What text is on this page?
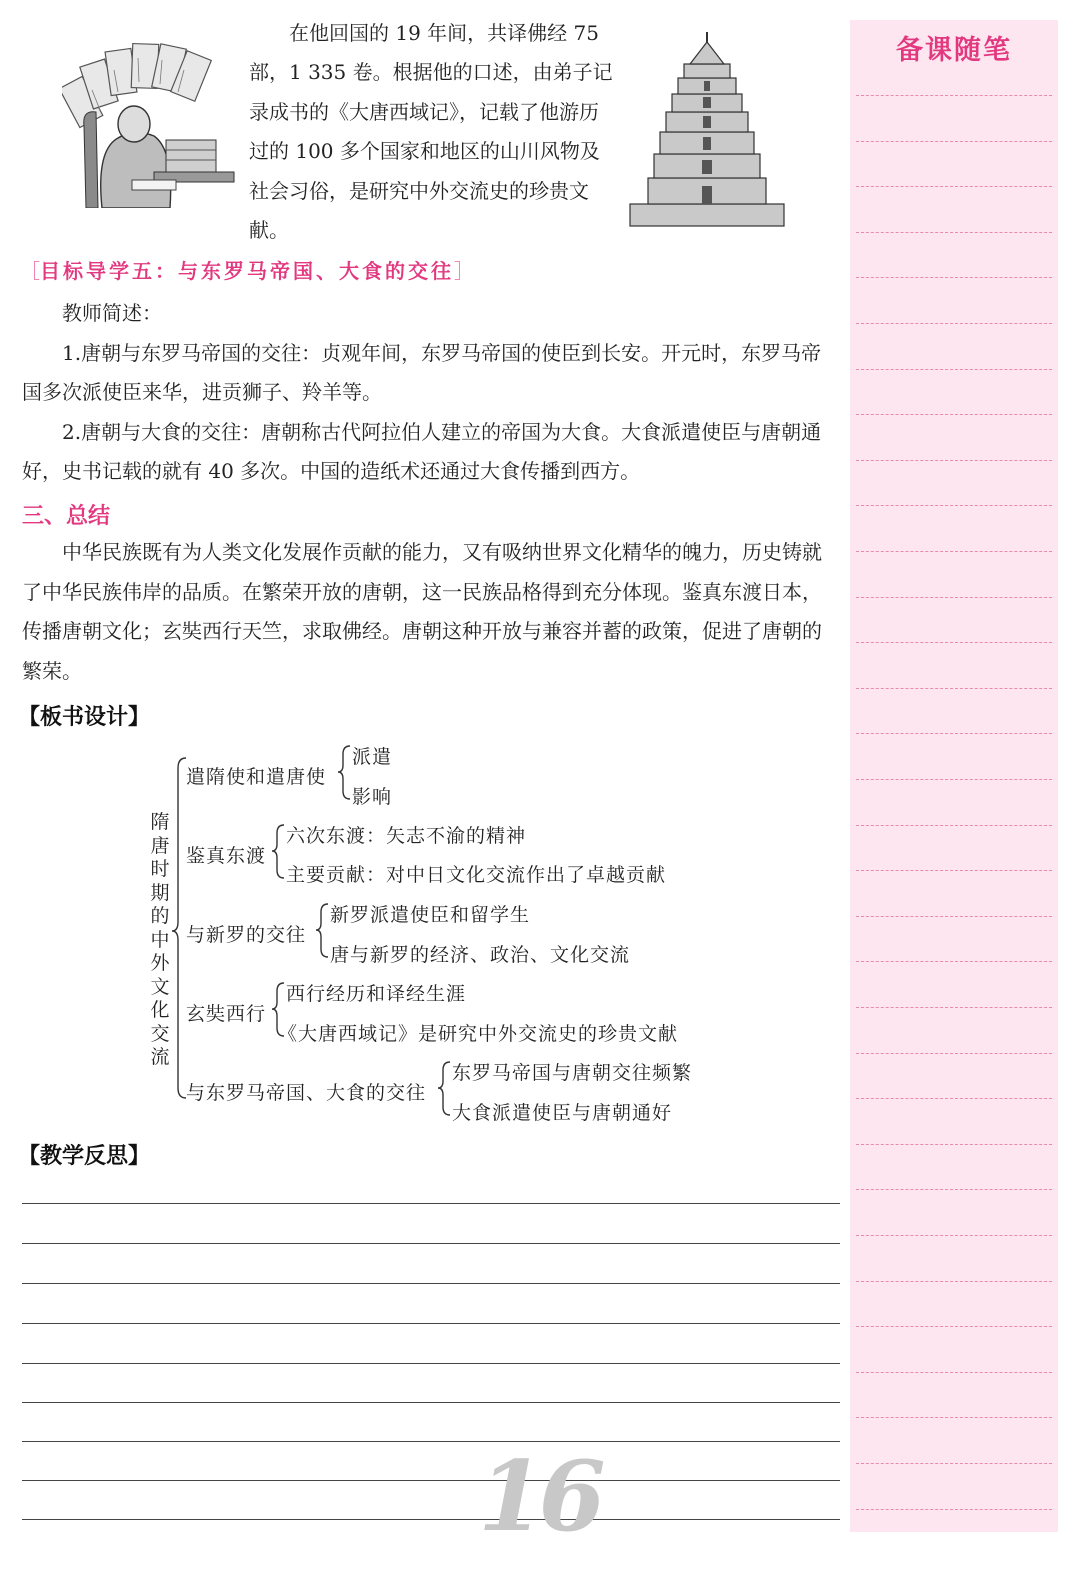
备课随笔

在他回国的 19 年间，共译佛经 75 部，1 335 卷。根据他的口述，由弟子记录成书的《大唐西域记》，记载了他游历过的 100 多个国家和地区的山川风物及社会习俗，是研究中外交流史的珍贵文献。

［目标导学五：与东罗马帝国、大食的交往］

教师简述：

1.唐朝与东罗马帝国的交往：贞观年间，东罗马帝国的使臣到长安。开元时，东罗马帝国多次派使臣来华，进贡狮子、羚羊等。

2.唐朝与大食的交往：唐朝称古代阿拉伯人建立的帝国为大食。大食派遣使臣与唐朝通好，史书记载的就有 40 多次。中国的造纸术还通过大食传播到西方。

三、总结

中华民族既有为人类文化发展作贡献的能力，又有吸纳世界文化精华的魄力，历史铸就了中华民族伟岸的品质。在繁荣开放的唐朝，这一民族品格得到充分体现。鉴真东渡日本，传播唐朝文化；玄奘西行天竺，求取佛经。唐朝这种开放与兼容并蓄的政策，促进了唐朝的繁荣。

【板书设计】
隋唐时期的中外文化交流
遣隋使和遣唐使
派遣
影响
鉴真东渡
六次东渡：矢志不渝的精神
主要贡献：对中日文化交流作出了卓越贡献
与新罗的交往
新罗派遣使臣和留学生
唐与新罗的经济、政治、文化交流
玄奘西行
西行经历和译经生涯
《大唐西域记》是研究中外交流史的珍贵文献
与东罗马帝国、大食的交往
东罗马帝国与唐朝交往频繁
大食派遣使臣与唐朝通好
【教学反思】
16
